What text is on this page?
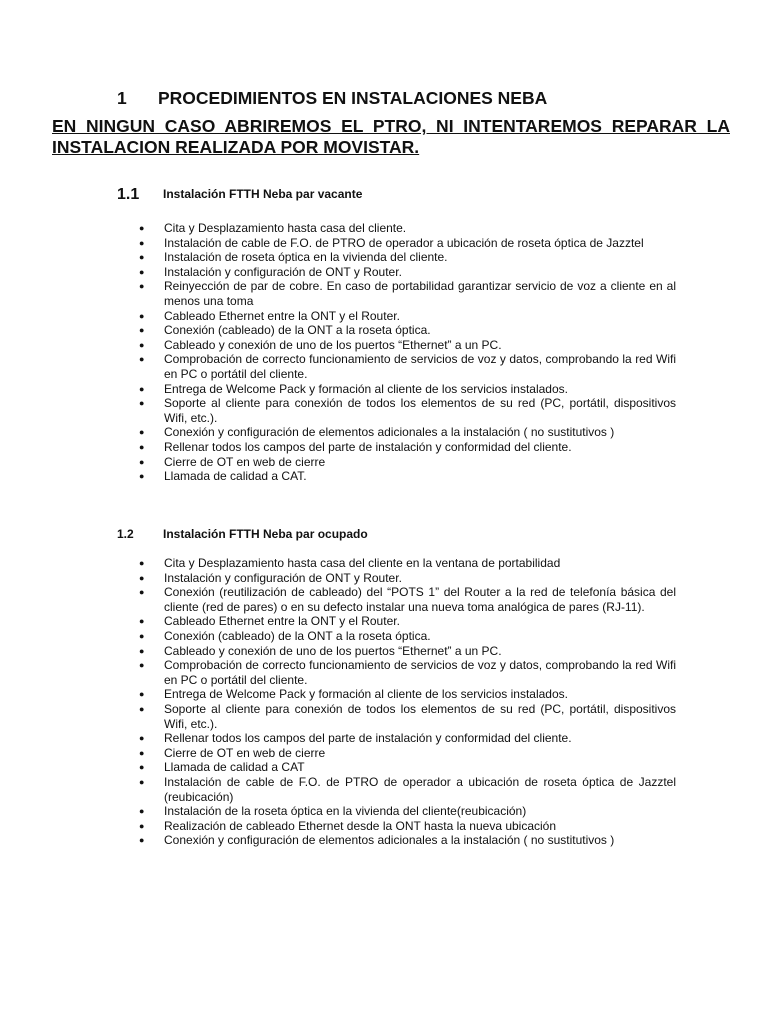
1 PROCEDIMIENTOS EN INSTALACIONES NEBA
EN NINGUN CASO ABRIREMOS EL PTRO, NI INTENTAREMOS REPARAR LA INSTALACION REALIZADA POR MOVISTAR.
1.1 Instalación FTTH Neba par vacante
● Cita y Desplazamiento hasta casa del cliente.
● Instalación de cable de F.O. de PTRO de operador a ubicación de roseta óptica de Jazztel
● Instalación de roseta óptica en la vivienda del cliente.
● Instalación y configuración de ONT y Router.
● Reinyección de par de cobre. En caso de portabilidad garantizar servicio de voz a cliente en al menos una toma
● Cableado Ethernet entre la ONT y el Router.
● Conexión (cableado) de la ONT a la roseta óptica.
● Cableado y conexión de uno de los puertos “Ethernet” a un PC.
● Comprobación de correcto funcionamiento de servicios de voz y datos, comprobando la red Wifi en PC o portátil del cliente.
● Entrega de Welcome Pack y formación al cliente de los servicios instalados.
● Soporte al cliente para conexión de todos los elementos de su red (PC, portátil, dispositivos Wifi, etc.).
● Conexión y configuración de elementos adicionales a la instalación ( no sustitutivos )
● Rellenar todos los campos del parte de instalación y conformidad del cliente.
● Cierre de OT en web de cierre
● Llamada de calidad a CAT.
1.2 Instalación FTTH Neba par ocupado
● Cita y Desplazamiento hasta casa del cliente en la ventana de portabilidad
● Instalación y configuración de ONT y Router.
● Conexión (reutilización de cableado) del “POTS 1” del Router a la red de telefonía básica del cliente (red de pares) o en su defecto instalar una nueva toma analógica de pares (RJ-11).
● Cableado Ethernet entre la ONT y el Router.
● Conexión (cableado) de la ONT a la roseta óptica.
● Cableado y conexión de uno de los puertos “Ethernet” a un PC.
● Comprobación de correcto funcionamiento de servicios de voz y datos, comprobando la red Wifi en PC o portátil del cliente.
● Entrega de Welcome Pack y formación al cliente de los servicios instalados.
● Soporte al cliente para conexión de todos los elementos de su red (PC, portátil, dispositivos Wifi, etc.).
● Rellenar todos los campos del parte de instalación y conformidad del cliente.
● Cierre de OT en web de cierre
● Llamada de calidad a CAT
● Instalación de cable de F.O. de PTRO de operador a ubicación de roseta óptica de Jazztel (reubicación)
● Instalación de la roseta óptica en la vivienda del cliente(reubicación)
● Realización de cableado Ethernet desde la ONT hasta la nueva ubicación
● Conexión y configuración de elementos adicionales a la instalación ( no sustitutivos )
